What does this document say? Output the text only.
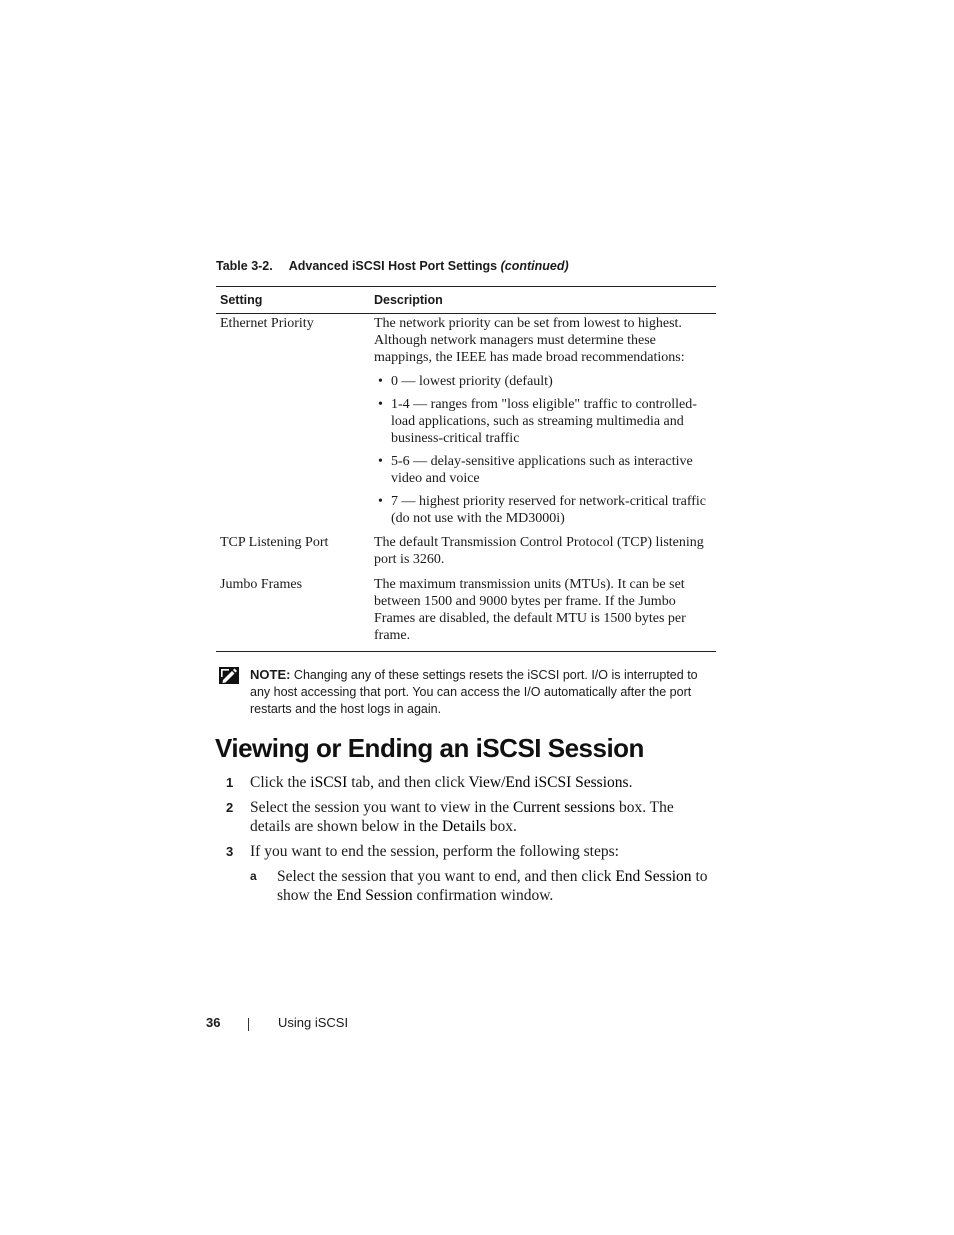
Table 3-2. Advanced iSCSI Host Port Settings (continued)
Setting	Description
Ethernet Priority	The network priority can be set from lowest to highest. Although network managers must determine these mappings, the IEEE has made broad recommendations:

• 0 — lowest priority (default)
• 1-4 — ranges from "loss eligible" traffic to controlled-load applications, such as streaming multimedia and business-critical traffic
• 5-6 — delay-sensitive applications such as interactive video and voice
• 7 — highest priority reserved for network-critical traffic (do not use with the MD3000i)
TCP Listening Port	The default Transmission Control Protocol (TCP) listening port is 3260.
Jumbo Frames	The maximum transmission units (MTUs). It can be set between 1500 and 9000 bytes per frame. If the Jumbo Frames are disabled, the default MTU is 1500 bytes per frame.
NOTE: Changing any of these settings resets the iSCSI port. I/O is interrupted to any host accessing that port. You can access the I/O automatically after the port restarts and the host logs in again.
Viewing or Ending an iSCSI Session
1	Click the iSCSI tab, and then click View/End iSCSI Sessions.
2	Select the session you want to view in the Current sessions box. The details are shown below in the Details box.
3	If you want to end the session, perform the following steps:
a	Select the session that you want to end, and then click End Session to show the End Session confirmation window.
36	Using iSCSI
